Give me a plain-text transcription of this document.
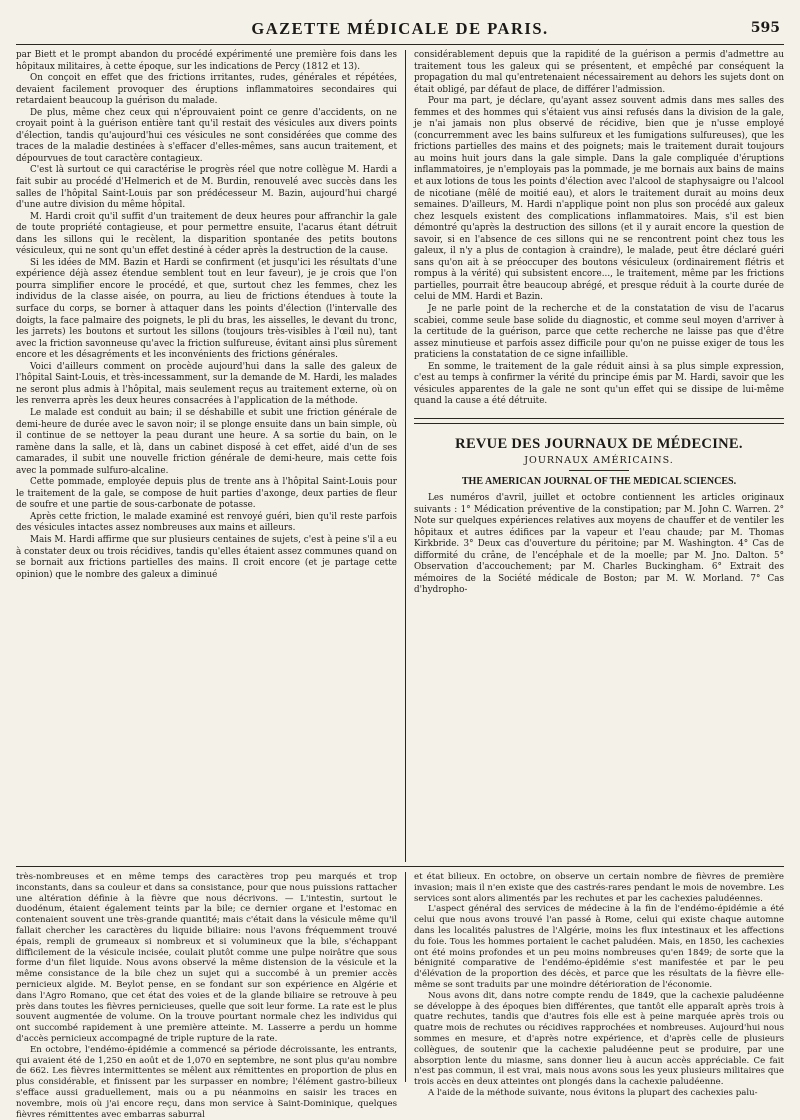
GAZETTE MÉDICALE DE PARIS.	595

par Biett et le prompt abandon du procédé expérimenté une première fois dans les hôpitaux militaires, à cette époque, sur les indications de Percy (1812 et 13).

On conçoit en effet que des frictions irritantes, rudes, générales et répétées, devaient facilement provoquer des éruptions inflammatoires secondaires qui retardaient beaucoup la guérison du malade.

De plus, même chez ceux qui n'éprouvaient point ce genre d'accidents, on ne croyait point à la guérison entière tant qu'il restait des vésicules aux divers points d'élection, tandis qu'aujourd'hui ces vésicules ne sont considérées que comme des traces de la maladie destinées à s'effacer d'elles-mêmes, sans aucun traitement, et dépourvues de tout caractère contagieux.

C'est là surtout ce qui caractérise le progrès réel que notre collègue M. Hardi a fait subir au procédé d'Helmerich et de M. Burdin, renouvelé avec succès dans les salles de l'hôpital Saint-Louis par son prédécesseur M. Bazin, aujourd'hui chargé d'une autre division du même hôpital.

M. Hardi croit qu'il suffit d'un traitement de deux heures pour affranchir la gale de toute propriété contagieuse, et pour permettre ensuite, l'acarus étant détruit dans les sillons qui le recèlent, la disparition spontanée des petits boutons vésiculeux, qui ne sont qu'un effet destiné à céder après la destruction de la cause.

Si les idées de MM. Bazin et Hardi se confirment (et jusqu'ici les résultats d'une expérience déjà assez étendue semblent tout en leur faveur), je je crois que l'on pourra simplifier encore le procédé, et que, surtout chez les femmes, chez les individus de la classe aisée, on pourra, au lieu de frictions étendues à toute la surface du corps, se borner à attaquer dans les points d'élection (l'intervalle des doigts, la face palmaire des poignets, le pli du bras, les aisselles, le devant du tronc, les jarrets) les boutons et surtout les sillons (toujours très-visibles à l'œil nu), tant avec la friction savonneuse qu'avec la friction sulfureuse, évitant ainsi plus sûrement encore et les désagréments et les inconvénients des frictions générales.

Voici d'ailleurs comment on procède aujourd'hui dans la salle des galeux de l'hôpital Saint-Louis, et très-incessamment, sur la demande de M. Hardi, les malades ne seront plus admis à l'hôpital, mais seulement reçus au traitement externe, où on les renverra après les deux heures consacrées à l'application de la méthode.

Le malade est conduit au bain; il se déshabille et subit une friction générale de demi-heure de durée avec le savon noir; il se plonge ensuite dans un bain simple, où il continue de se nettoyer la peau durant une heure. A sa sortie du bain, on le ramène dans la salle, et là, dans un cabinet disposé à cet effet, aidé d'un de ses camarades, il subit une nouvelle friction générale de demi-heure, mais cette fois avec la pommade sulfuro-alcaline.

Cette pommade, employée depuis plus de trente ans à l'hôpital Saint-Louis pour le traitement de la gale, se compose de huit parties d'axonge, deux parties de fleur de soufre et une partie de sous-carbonate de potasse.

Après cette friction, le malade examiné est renvoyé guéri, bien qu'il reste parfois des vésicules intactes assez nombreuses aux mains et ailleurs.

Mais M. Hardi affirme que sur plusieurs centaines de sujets, c'est à peine s'il a eu à constater deux ou trois récidives, tandis qu'elles étaient assez communes quand on se bornait aux frictions partielles des mains. Il croit encore (et je partage cette opinion) que le nombre des galeux a diminué

considérablement depuis que la rapidité de la guérison a permis d'admettre au traitement tous les galeux qui se présentent, et empêché par conséquent la propagation du mal qu'entretenaient nécessairement au dehors les sujets dont on était obligé, par défaut de place, de différer l'admission.

Pour ma part, je déclare, qu'ayant assez souvent admis dans mes salles des femmes et des hommes qui s'étaient vus ainsi refusés dans la division de la gale, je n'ai jamais non plus observé de récidive, bien que je n'usse employé (concurremment avec les bains sulfureux et les fumigations sulfureuses), que les frictions partielles des mains et des poignets; mais le traitement durait toujours au moins huit jours dans la gale simple. Dans la gale compliquée d'éruptions inflammatoires, je n'employais pas la pommade, je me bornais aux bains de mains et aux lotions de tous les points d'élection avec l'alcool de staphysaigre ou l'alcool de nicotiane (mêlé de moitié eau), et alors le traitement durait au moins deux semaines. D'ailleurs, M. Hardi n'applique point non plus son procédé aux galeux chez lesquels existent des complications inflammatoires. Mais, s'il est bien démontré qu'après la destruction des sillons (et il y aurait encore la question de savoir, si en l'absence de ces sillons qui ne se rencontrent point chez tous les galeux, il n'y a plus de contagion à craindre), le malade, peut être déclaré guéri sans qu'on ait à se préoccuper des boutons vésiculeux (ordinairement flétris et rompus à la vérité) qui subsistent encore..., le traitement, même par les frictions partielles, pourrait être beaucoup abrégé, et presque réduit à la courte durée de celui de MM. Hardi et Bazin.

Je ne parle point de la recherche et de la constatation de visu de l'acarus scabiei, comme seule base solide du diagnostic, et comme seul moyen d'arriver à la certitude de la guérison, parce que cette recherche ne laisse pas que d'être assez minutieuse et parfois assez difficile pour qu'on ne puisse exiger de tous les praticiens la constatation de ce signe infaillible.

En somme, le traitement de la gale réduit ainsi à sa plus simple expression, c'est au temps à confirmer la vérité du principe émis par M. Hardi, savoir que les vésicules apparentes de la gale ne sont qu'un effet qui se dissipe de lui-même quand la cause a été détruite.

REVUE DES JOURNAUX DE MÉDECINE.
JOURNAUX AMÉRICAINS.
THE AMERICAN JOURNAL OF THE MEDICAL SCIENCES.

Les numéros d'avril, juillet et octobre contiennent les articles originaux suivants : 1° Médication préventive de la constipation; par M. John C. Warren. 2° Note sur quelques expériences relatives aux moyens de chauffer et de ventiler les hôpitaux et autres édifices par la vapeur et l'eau chaude; par M. Thomas Kirkbride. 3° Deux cas d'ouverture du péritoine; par M. Washington. 4° Cas de difformité du crâne, de l'encéphale et de la moelle; par M. Jno. Dalton. 5° Observation d'accouchement; par M. Charles Buckingham. 6° Extrait des mémoires de la Société médicale de Boston; par M. W. Morland. 7° Cas d'hydropho-

très-nombreuses et en même temps des caractères trop peu marqués et trop inconstants, dans sa couleur et dans sa consistance, pour que nous puissions rattacher une altération définie à la fièvre que nous décrivons. — L'intestin, surtout le duodénum, étaient également teints par la bile; ce dernier organe et l'estomac en contenaient souvent une très-grande quantité; mais c'était dans la vésicule même qu'il fallait chercher les caractères du liquide biliaire: nous l'avons fréquemment trouvé épais, rempli de grumeaux si nombreux et si volumineux que la bile, s'échappant difficilement de la vésicule incisée, coulait plutôt comme une pulpe noirâtre que sous forme d'un filet liquide. Nous avons observé la même distension de la vésicule et la même consistance de la bile chez un sujet qui a succombé à un premier accès pernicieux algide. M. Beylot pense, en se fondant sur son expérience en Algérie et dans l'Agro Romano, que cet état des voies et de la glande biliaire se retrouve à peu près dans toutes les fièvres pernicieuses, quelle que soit leur forme. La rate est le plus souvent augmentée de volume. On la trouve pourtant normale chez les individus qui ont succombé rapidement à une première atteinte. M. Lasserre a perdu un homme d'accès pernicieux accompagné de triple rupture de la rate.

En octobre, l'endémo-épidémie a commencé sa période décroissante, les entrants, qui avaient été de 1,250 en août et de 1,070 en septembre, ne sont plus qu'au nombre de 662. Les fièvres intermittentes se mêlent aux rémittentes en proportion de plus en plus considérable, et finissent par les surpasser en nombre; l'élément gastro-bilieux s'efface aussi graduellement, mais ou a pu néanmoins en saisir les traces en novembre, mois où j'ai encore reçu, dans mon service à Saint-Dominique, quelques fièvres rémittentes avec embarras saburral

et état bilieux. En octobre, on observe un certain nombre de fièvres de première invasion; mais il n'en existe que des castrés-rares pendant le mois de novembre. Les services sont alors alimentés par les rechutes et par les cachexies paludéennes.

L'aspect général des services de médecine à la fin de l'endémo-épidémie a été celui que nous avons trouvé l'an passé à Rome, celui qui existe chaque automne dans les localités palustres de l'Algérie, moins les flux intestinaux et les affections du foie. Tous les hommes portaient le cachet paludéen. Mais, en 1850, les cachexies ont été moins profondes et un peu moins nombreuses qu'en 1849; de sorte que la bénignité comparative de l'endémo-épidémie s'est manifestée et par le peu d'élévation de la proportion des décès, et parce que les résultats de la fièvre elle-même se sont traduits par une moindre détérioration de l'économie.

Nous avons dit, dans notre compte rendu de 1849, que la cachexie paludéenne se développe à des époques bien différentes, que tantôt elle apparaît après trois à quatre rechutes, tandis que d'autres fois elle est à peine marquée après trois ou quatre mois de rechutes ou récidives rapprochées et nombreuses. Aujourd'hui nous sommes en mesure, et d'après notre expérience, et d'après celle de plusieurs collègues, de soutenir que la cachexie paludéenne peut se produire, par une absorption lente du miasme, sans donner lieu à aucun accès appréciable. Ce fait n'est pas commun, il est vrai, mais nous avons sous les yeux plusieurs militaires que trois accès en deux atteintes ont plongés dans la cachexie paludéenne.

A l'aide de la méthode suivante, nous évitons la plupart des cachexies palu-
